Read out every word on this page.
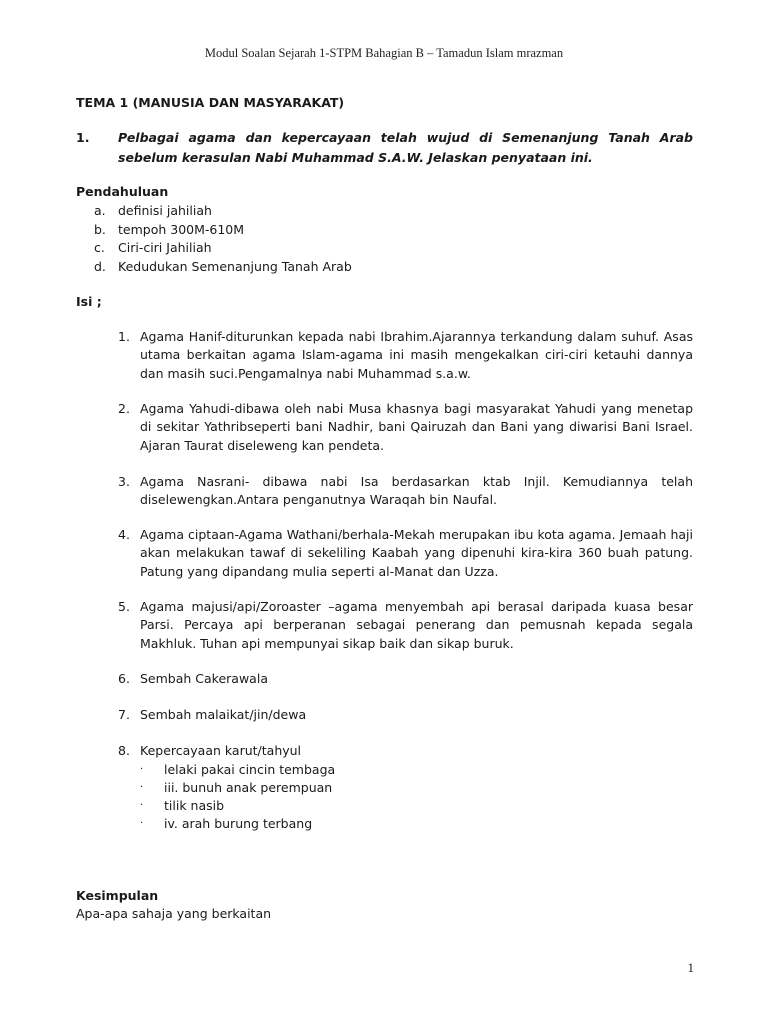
Modul Soalan Sejarah 1-STPM Bahagian B – Tamadun Islam mrazman
TEMA 1 (MANUSIA DAN MASYARAKAT)
1. Pelbagai agama dan kepercayaan telah wujud di Semenanjung Tanah Arab sebelum kerasulan Nabi Muhammad S.A.W. Jelaskan penyataan ini.
Pendahuluan
a. definisi jahiliah
b. tempoh 300M-610M
c.	Ciri-ciri Jahiliah
d. Kedudukan Semenanjung Tanah Arab
Isi ;
1. Agama Hanif-diturunkan kepada nabi Ibrahim.Ajarannya terkandung dalam suhuf. Asas utama berkaitan agama Islam-agama ini masih mengekalkan ciri-ciri ketauhi dannya dan masih suci.Pengamalnya nabi Muhammad s.a.w.
2. Agama Yahudi-dibawa oleh nabi Musa khasnya bagi masyarakat Yahudi yang menetap di sekitar Yathribseperti bani Nadhir, bani Qairuzah dan Bani yang diwarisi Bani Israel. Ajaran Taurat diseleweng kan pendeta.
3. Agama Nasrani- dibawa nabi Isa berdasarkan ktab Injil. Kemudiannya telah diselewengkan.Antara penganutnya Waraqah bin Naufal.
4. Agama ciptaan-Agama Wathani/berhala-Mekah merupakan ibu kota agama. Jemaah haji akan melakukan tawaf di sekeliling Kaabah yang dipenuhi kira-kira 360 buah patung. Patung yang dipandang mulia seperti al-Manat dan Uzza.
5. Agama majusi/api/Zoroaster –agama menyembah api berasal daripada kuasa besar Parsi. Percaya api berperanan sebagai penerang dan pemusnah kepada segala Makhluk. Tuhan api mempunyai sikap baik dan sikap buruk.
6. Sembah Cakerawala
7. Sembah malaikat/jin/dewa
8. Kepercayaan karut/tahyul
·	lelaki pakai cincin tembaga
·	iii. bunuh anak perempuan
·	tilik nasib
·	iv. arah burung terbang
Kesimpulan
Apa-apa sahaja yang berkaitan
1
